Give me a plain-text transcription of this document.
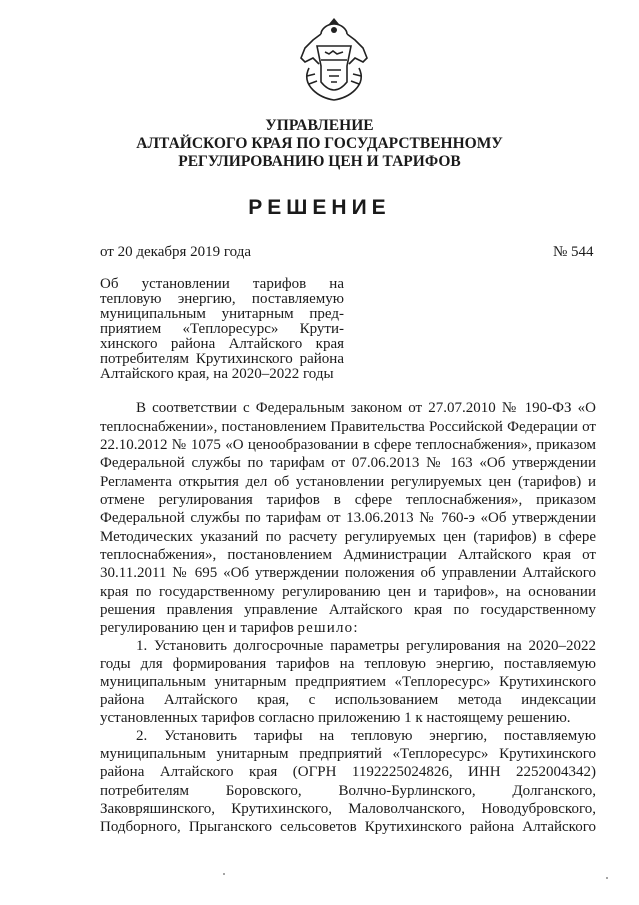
УПРАВЛЕНИЕ
АЛТАЙСКОГО КРАЯ ПО ГОСУДАРСТВЕННОМУ
РЕГУЛИРОВАНИЮ ЦЕН И ТАРИФОВ
РЕШЕНИЕ
от 20 декабря 2019 года	№ 544
Об установлении тарифов на
тепловую энергию, поставляемую
муниципальным унитарным пред-
приятием «Теплоресурс» Крути-
хинского района Алтайского края
потребителям Крутихинского района
Алтайского края, на 2020–2022 годы
В соответствии с Федеральным законом от 27.07.2010 № 190-ФЗ «О
теплоснабжении», постановлением Правительства Российской Федерации от
22.10.2012 № 1075 «О ценообразовании в сфере теплоснабжения», приказом
Федеральной службы по тарифам от 07.06.2013 № 163 «Об утверждении
Регламента открытия дел об установлении регулируемых цен (тарифов) и
отмене регулирования тарифов в сфере теплоснабжения», приказом
Федеральной службы по тарифам от 13.06.2013 № 760-э «Об утверждении
Методических указаний по расчету регулируемых цен (тарифов) в сфере
теплоснабжения», постановлением Администрации Алтайского края от
30.11.2011 № 695 «Об утверждении положения об управлении Алтайского
края по государственному регулированию цен и тарифов», на основании
решения правления управление Алтайского края по государственному
регулированию цен и тарифов решило:
1. Установить долгосрочные параметры регулирования на 2020–2022
годы для формирования тарифов на тепловую энергию, поставляемую
муниципальным унитарным предприятием «Теплоресурс» Крутихинского
района Алтайского края, с использованием метода индексации
установленных тарифов согласно приложению 1 к настоящему решению.
2. Установить тарифы на тепловую энергию, поставляемую
муниципальным унитарным предприятий «Теплоресурс» Крутихинского
района Алтайского края (ОГРН 1192225024826, ИНН 2252004342)
потребителям Боровского, Волчно-Бурлинского, Долганского,
Заковряшинского, Крутихинского, Маловолчанского, Новодубровского,
Подборного, Прыганского сельсоветов Крутихинского района Алтайского
